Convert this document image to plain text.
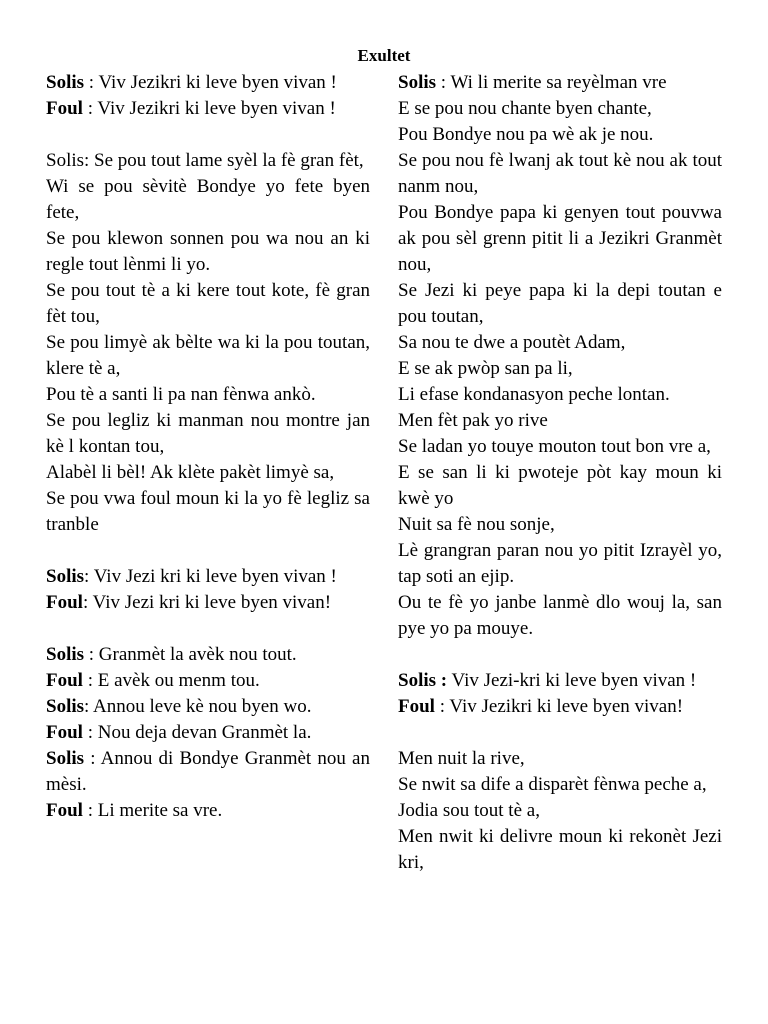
Exultet

Solis : Viv Jezikri ki leve byen vivan !

Foul : Viv Jezikri ki leve byen vivan !

Solis: Se pou tout lame syèl la fè gran fèt,

Wi se pou sèvitè Bondye yo fete byen fete,

Se pou klewon sonnen pou wa nou an ki regle tout lènmi li yo.

Se pou tout tè a ki kere tout kote, fè gran fèt tou,

Se pou limyè ak bèlte wa ki la pou toutan, klere tè a,

Pou tè a santi li pa nan fènwa ankò.

Se pou legliz ki manman nou montre jan kè l kontan tou,

Alabèl li bèl! Ak klète pakèt limyè sa,

Se pou vwa foul moun ki la yo fè legliz sa tranble

Solis: Viv Jezi kri ki leve byen vivan !

Foul: Viv Jezi kri ki leve byen vivan!

Solis : Granmèt la avèk nou tout.

Foul : E avèk ou menm tou.

Solis: Annou leve kè nou byen wo.

Foul : Nou deja devan Granmèt la.

Solis : Annou di Bondye Granmèt nou an mèsi.

Foul : Li merite sa vre.

Solis : Wi li merite sa reyèlman vre

E se pou nou chante byen chante,

Pou Bondye nou pa wè ak je nou.

Se pou nou fè lwanj ak tout kè nou ak tout nanm nou,

Pou Bondye papa ki genyen tout pouvwa ak pou sèl grenn pitit li a Jezikri Granmèt nou,

Se Jezi ki peye papa ki la depi toutan e pou toutan,

Sa nou te dwe a poutèt Adam,

E se ak pwòp san pa li,

Li efase kondanasyon peche lontan.

Men fèt pak yo rive

Se ladan yo touye mouton tout bon vre a,

E se san li ki pwoteje pòt kay moun ki kwè yo

Nuit sa fè nou sonje,

Lè grangran paran nou yo pitit Izrayèl yo, tap soti an ejip.

Ou te fè yo janbe lanmè dlo wouj la, san pye yo pa mouye.

Solis : Viv Jezi-kri ki leve byen vivan !

Foul : Viv Jezikri ki leve byen vivan!

Men nuit la rive,

Se nwit sa dife a disparèt fènwa peche a,

Jodia sou tout tè a,

Men nwit ki delivre moun ki rekonèt Jezi kri,
